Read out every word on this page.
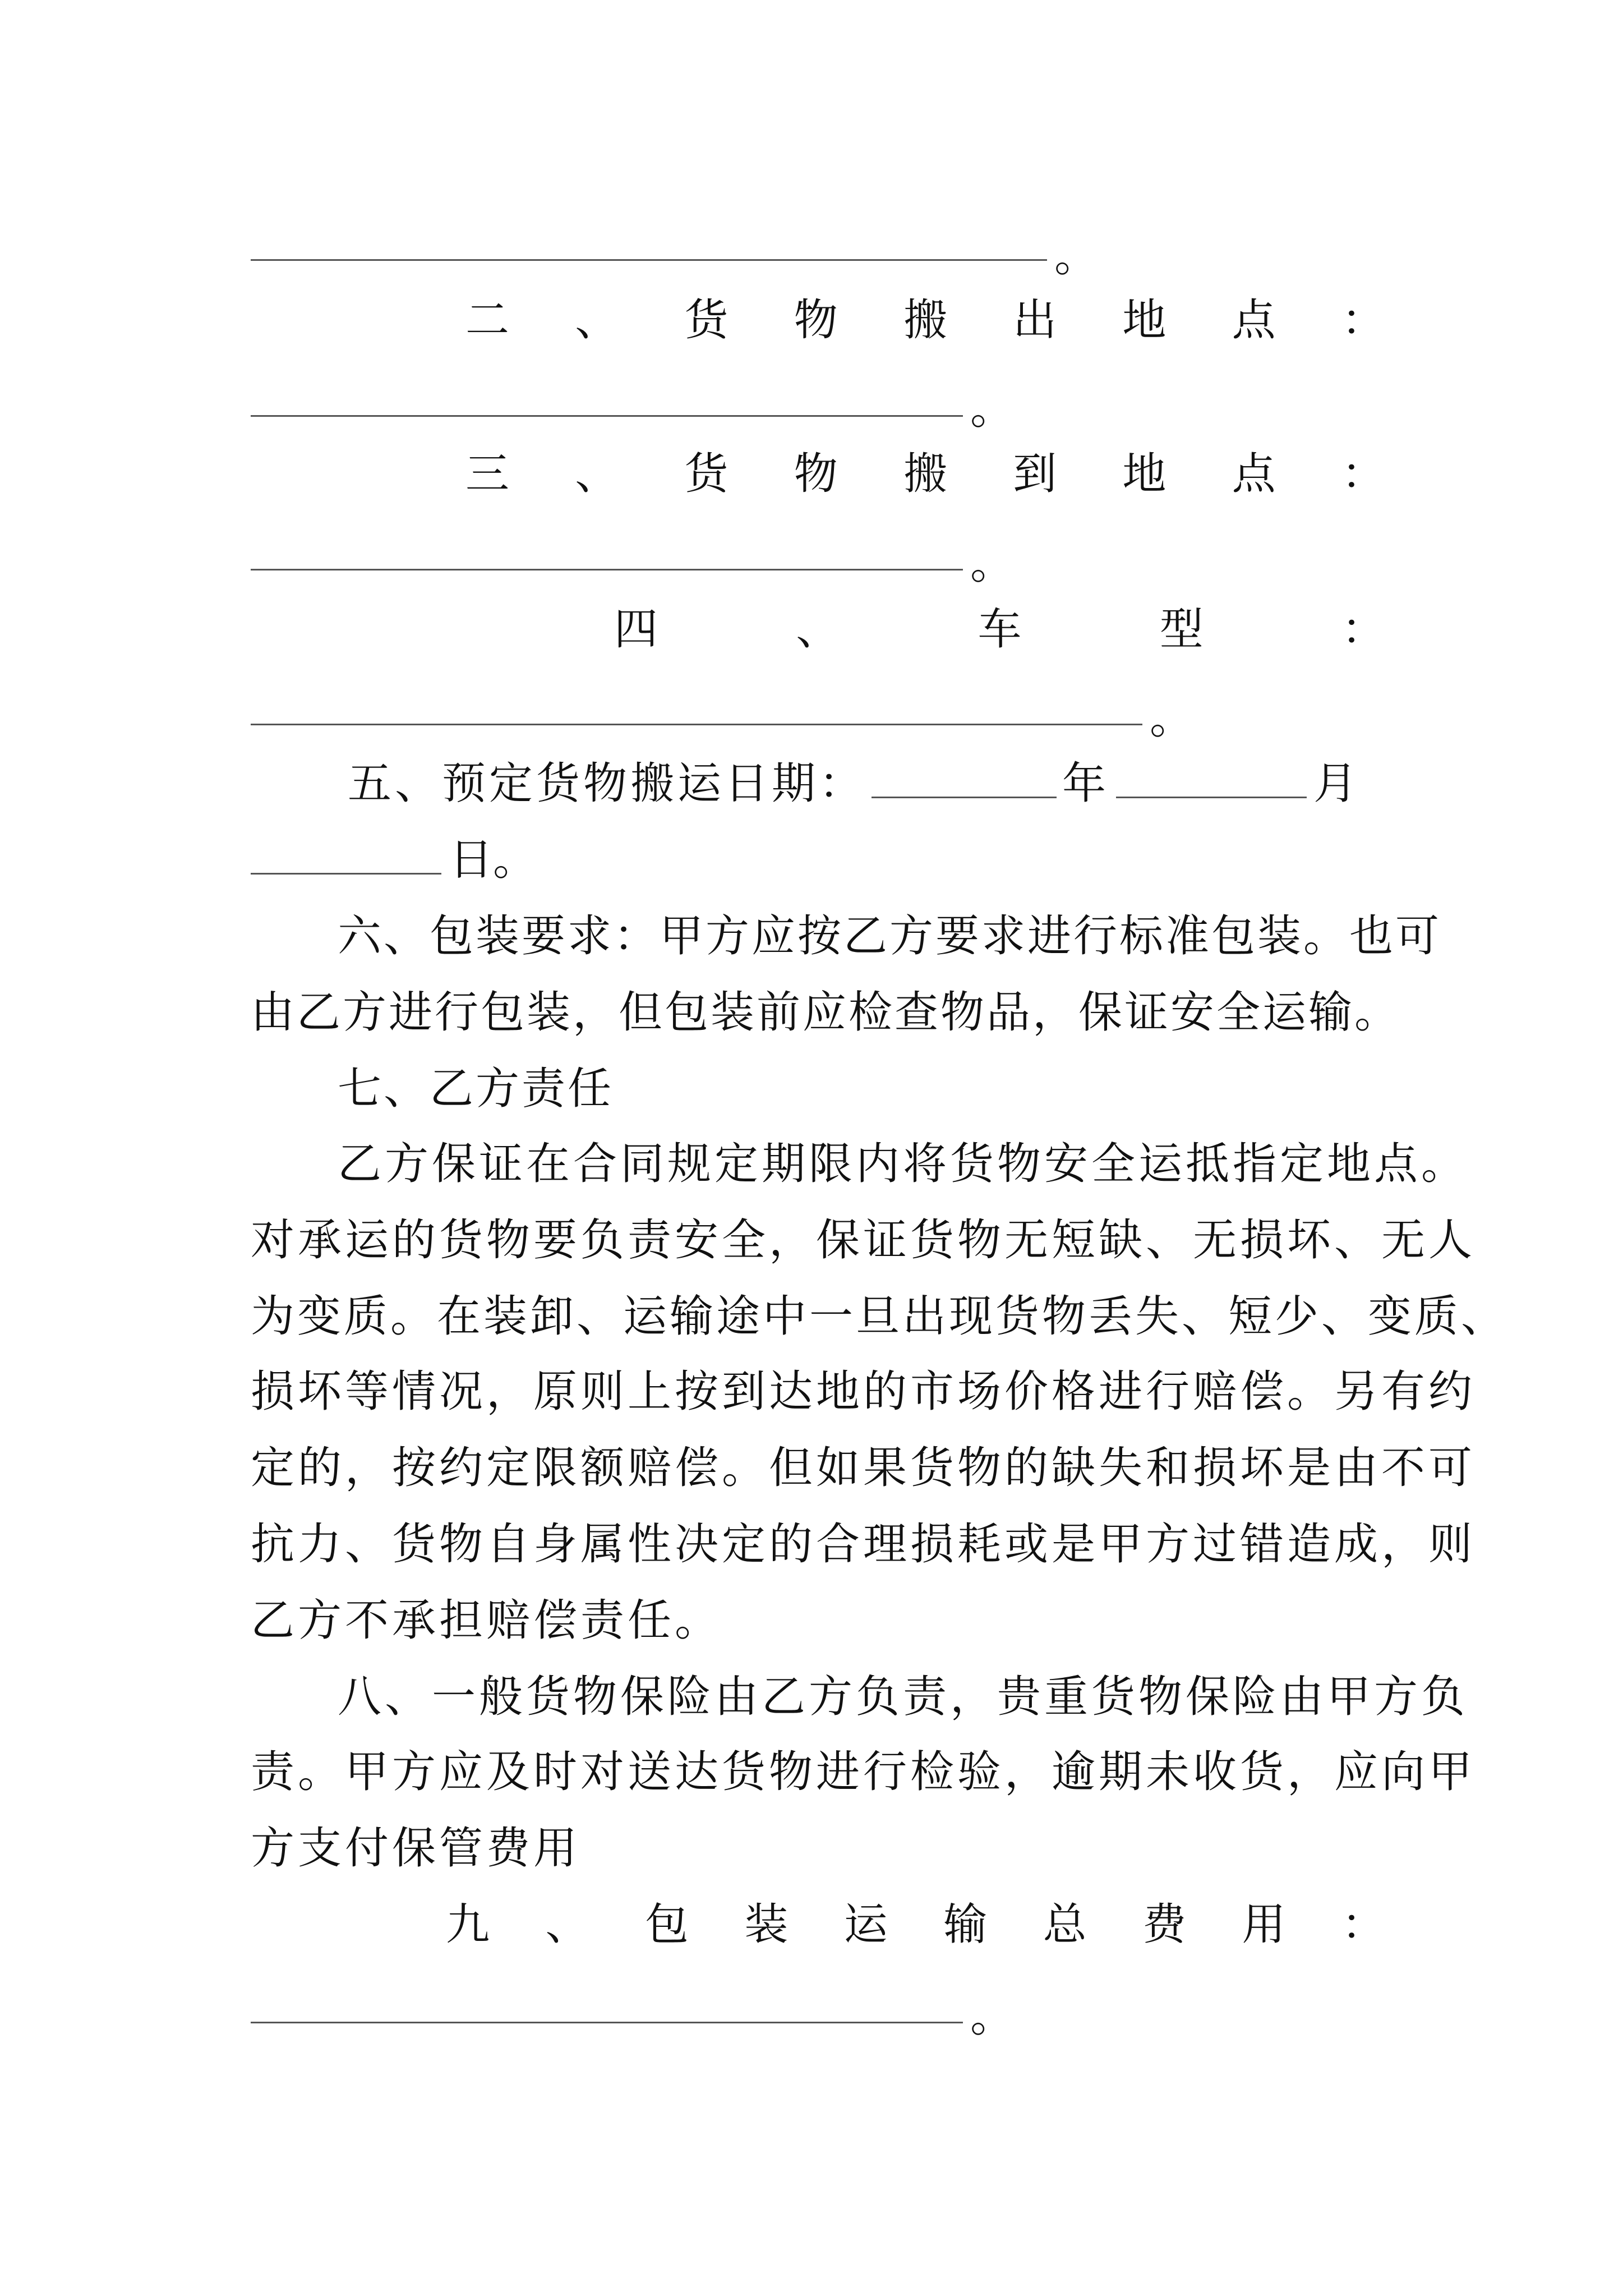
。
二 、 货 物 搬 出 地 点 ：
。
三 、 货 物 搬 到 地 点 ：
。
四	、	车	型	：
。
五、预定货物搬运日期：	年	月
日。
六、包装要求：甲方应按乙方要求进行标准包装。也可
由乙方进行包装，但包装前应检查物品，保证安全运输。
七、乙方责任
乙方保证在合同规定期限内将货物安全运抵指定地点。
对承运的货物要负责安全，保证货物无短缺、无损坏、无人
为变质。在装卸、运输途中一旦出现货物丢失、短少、变质、
损坏等情况，原则上按到达地的市场价格进行赔偿。另有约
定的，按约定限额赔偿。但如果货物的缺失和损坏是由不可
抗力、货物自身属性决定的合理损耗或是甲方过错造成，则
乙方不承担赔偿责任。
八、一般货物保险由乙方负责，贵重货物保险由甲方负
责。甲方应及时对送达货物进行检验，逾期未收货，应向甲
方支付保管费用
九 、 包 装 运 输 总 费 用 ：
。
